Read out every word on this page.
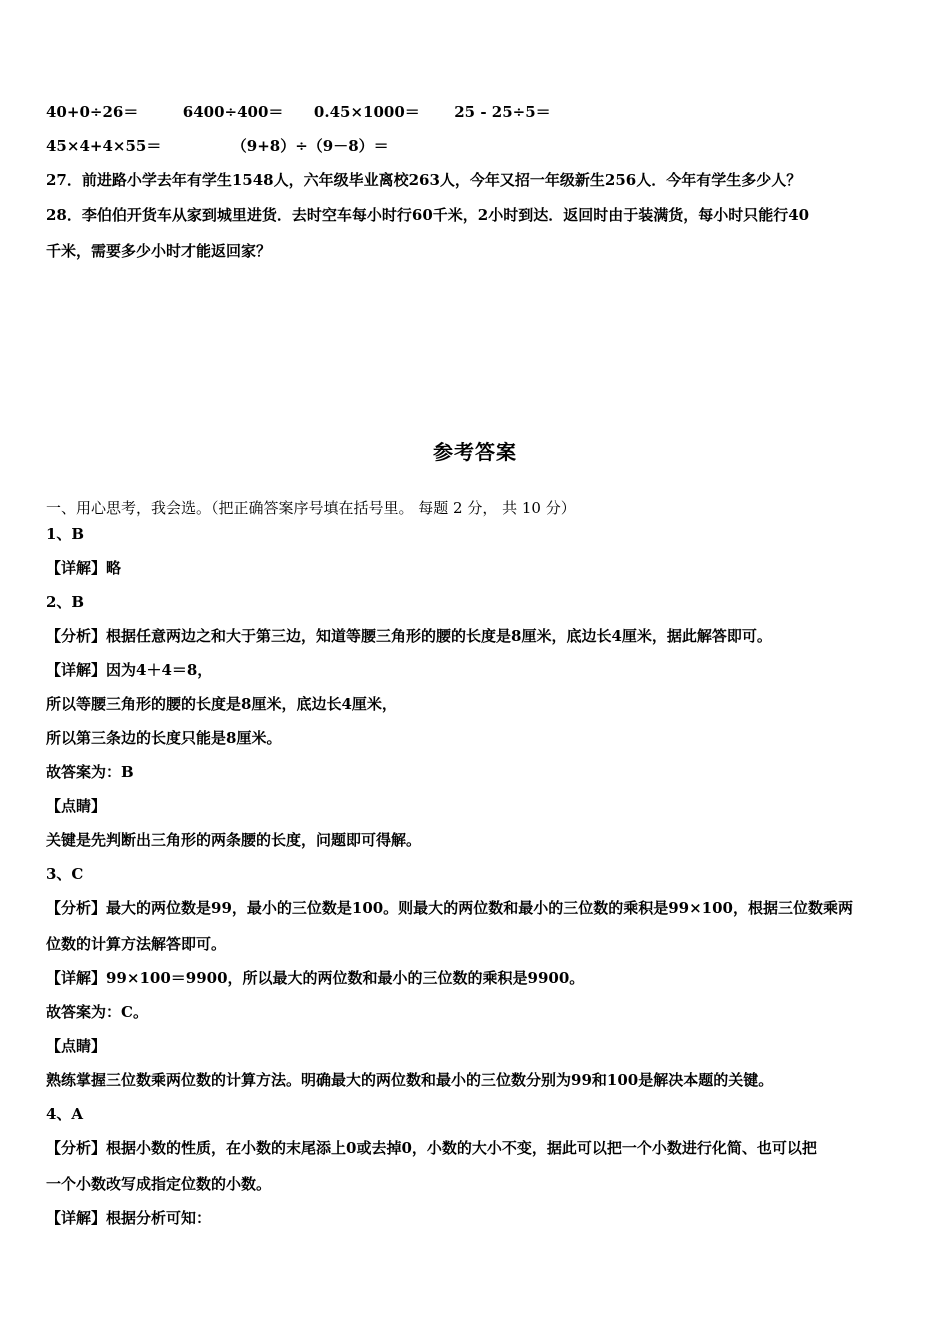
40+0÷26＝	6400÷400＝ 0.45×1000＝ 25 - 25÷5＝
45×4+4×55＝	（9+8）÷（9－8）＝
27．前进路小学去年有学生1548人，六年级毕业离校263人，今年又招一年级新生256人．今年有学生多少人？
28．李伯伯开货车从家到城里进货．去时空车每小时行60千米，2小时到达．返回时由于装满货，每小时只能行40
千米，需要多少小时才能返回家？
参考答案
一、用心思考，我会选。（把正确答案序号填在括号里。 每题 2 分， 共 10 分）
1、B
【详解】略
2、B
【分析】根据任意两边之和大于第三边，知道等腰三角形的腰的长度是8厘米，底边长4厘米，据此解答即可。
【详解】因为4＋4＝8，
所以等腰三角形的腰的长度是8厘米，底边长4厘米，
所以第三条边的长度只能是8厘米。
故答案为：B
【点睛】
关键是先判断出三角形的两条腰的长度，问题即可得解。
3、C
【分析】最大的两位数是99，最小的三位数是100。则最大的两位数和最小的三位数的乘积是99×100，根据三位数乘两
位数的计算方法解答即可。
【详解】99×100＝9900，所以最大的两位数和最小的三位数的乘积是9900。
故答案为：C。
【点睛】
熟练掌握三位数乘两位数的计算方法。明确最大的两位数和最小的三位数分别为99和100是解决本题的关键。
4、A
【分析】根据小数的性质，在小数的末尾添上0或去掉0，小数的大小不变，据此可以把一个小数进行化简、也可以把
一个小数改写成指定位数的小数。
【详解】根据分析可知：
